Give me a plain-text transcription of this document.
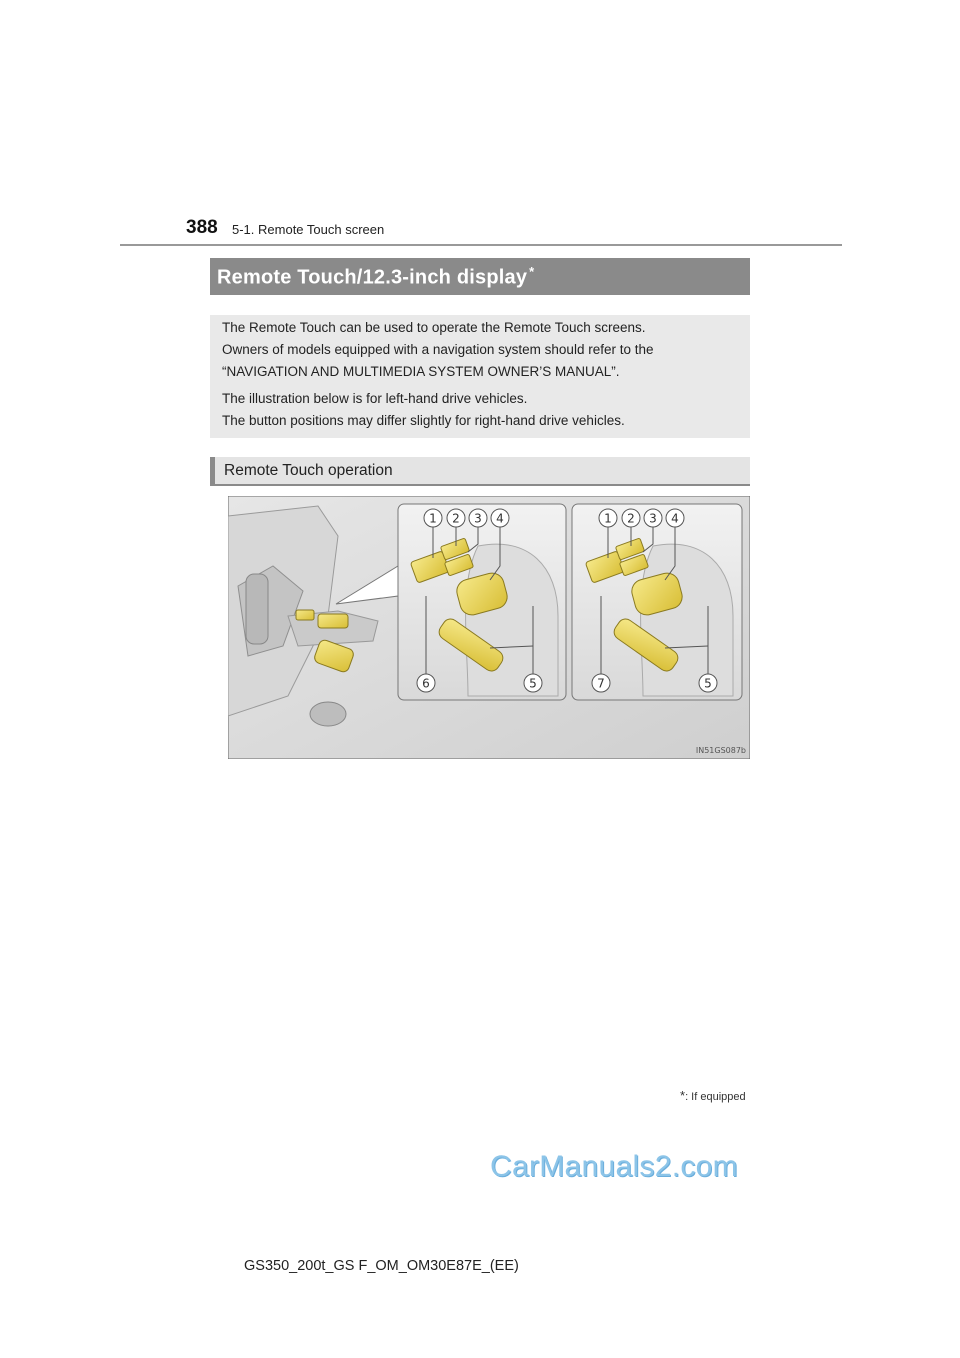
388 5-1. Remote Touch screen
Remote Touch/12.3-inch display *
The Remote Touch can be used to operate the Remote Touch screens.
Owners of models equipped with a navigation system should refer to the
“NAVIGATION AND MULTIMEDIA SYSTEM OWNER’S MANUAL”.
The illustration below is for left-hand drive vehicles.
The button positions may differ slightly for right-hand drive vehicles.
Remote Touch operation
1 2 3 4
6	5
1 2 3 4
7	5
IN51GS087b
*: If equipped
CarManuals2.com
GS350_200t_GS F_OM_OM30E87E_(EE)
